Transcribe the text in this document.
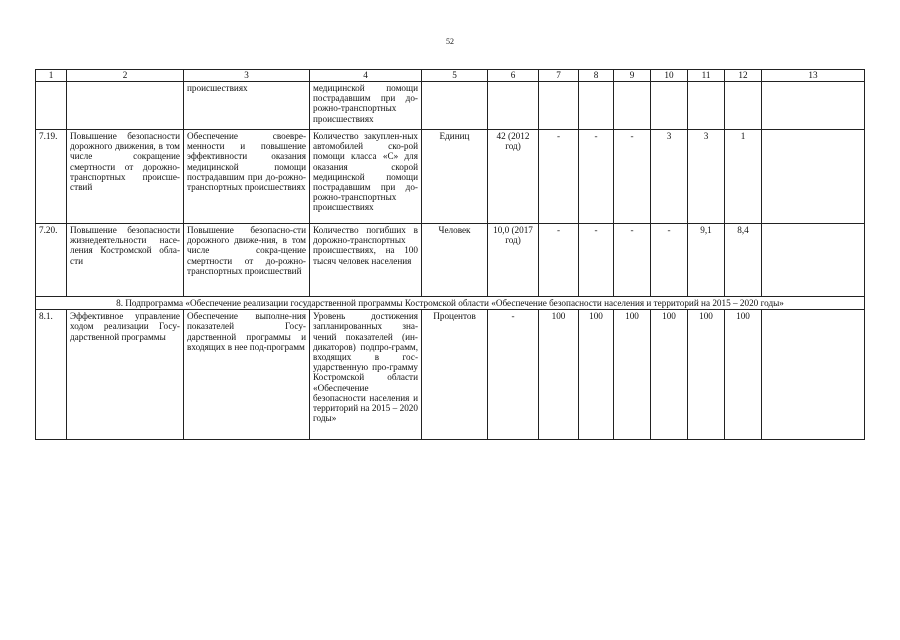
52
1	2	3	4	5	6	7	8	9	10	11	12	13
		происшествиях	медицинской помощи пострадавшим при до-рожно-транспортных происшествиях									
7.19.	Повышение безопасности дорожного движения, в том числе сокращение смертности от дорожно-транспортных происше-ствий	Обеспечение своевре-менности и повышение эффективности оказания медицинской помощи пострадавшим при до-рожно-транспортных происшествиях	Количество закуплен-ных автомобилей ско-рой помощи класса «С» для оказания скорой медицинской помощи пострадавшим при до-рожно-транспортных происшествиях	Единиц	42 (2012 год)	-	-	-	3	3	1	
7.20.	Повышение безопасности жизнедеятельности насе-ления Костромской обла-сти	Повышение безопасно-сти дорожного движе-ния, в том числе сокра-щение смертности от до-рожно-транспортных происшествий	Количество погибших в дорожно-транспортных происшествиях, на 100 тысяч человек населения	Человек	10,0 (2017 год)	-	-	-	-	9,1	8,4	
8. Подпрограмма «Обеспечение реализации государственной программы Костромской области «Обеспечение безопасности населения и территорий на 2015 – 2020 годы»												
8.1.	Эффективное управление ходом реализации Госу-дарственной программы	Обеспечение выполне-ния показателей Госу-дарственной программы и входящих в нее под-программ	Уровень достижения запланированных зна-чений показателей (ин-дикаторов) подпро-грамм, входящих в гос-ударственную про-грамму Костромской области «Обеспечение безопасности населения и территорий на 2015 – 2020 годы»	Процентов	-	100	100	100	100	100	100	
